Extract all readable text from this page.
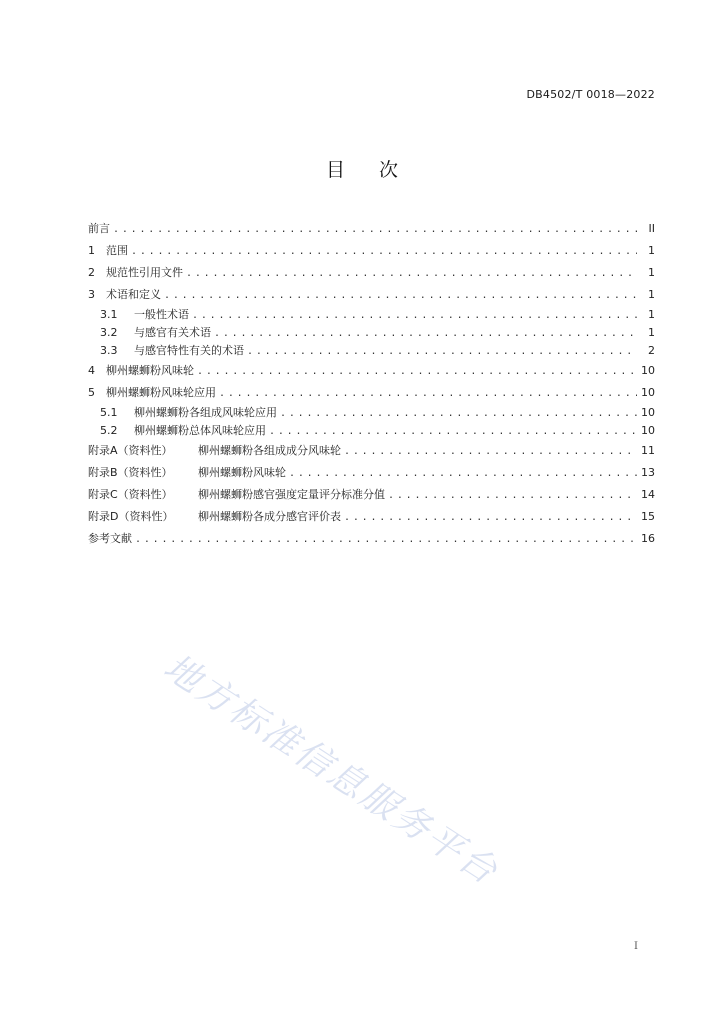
DB4502/T 0018—2022
目次
前言 .....	II
1	范围 .....	1
2	规范性引用文件 .....	1
3	术语和定义 .....	1
3.1	一般性术语 .....	1
3.2	与感官有关术语 .....	1
3.3	与感官特性有关的术语 .....	2
4	柳州螺蛳粉风味轮 .....	10
5	柳州螺蛳粉风味轮应用 .....	10
5.1	柳州螺蛳粉各组成风味轮应用 .....	10
5.2	柳州螺蛳粉总体风味轮应用 .....	10
附录A（资料性）	柳州螺蛳粉各组成成分风味轮 .....	11
附录B（资料性）	柳州螺蛳粉风味轮 .....	13
附录C（资料性）	柳州螺蛳粉感官强度定量评分标准分值 .....	14
附录D（资料性）	柳州螺蛳粉各成分感官评价表 .....	15
参考文献 .....	16
地方标准信息服务平台
I
